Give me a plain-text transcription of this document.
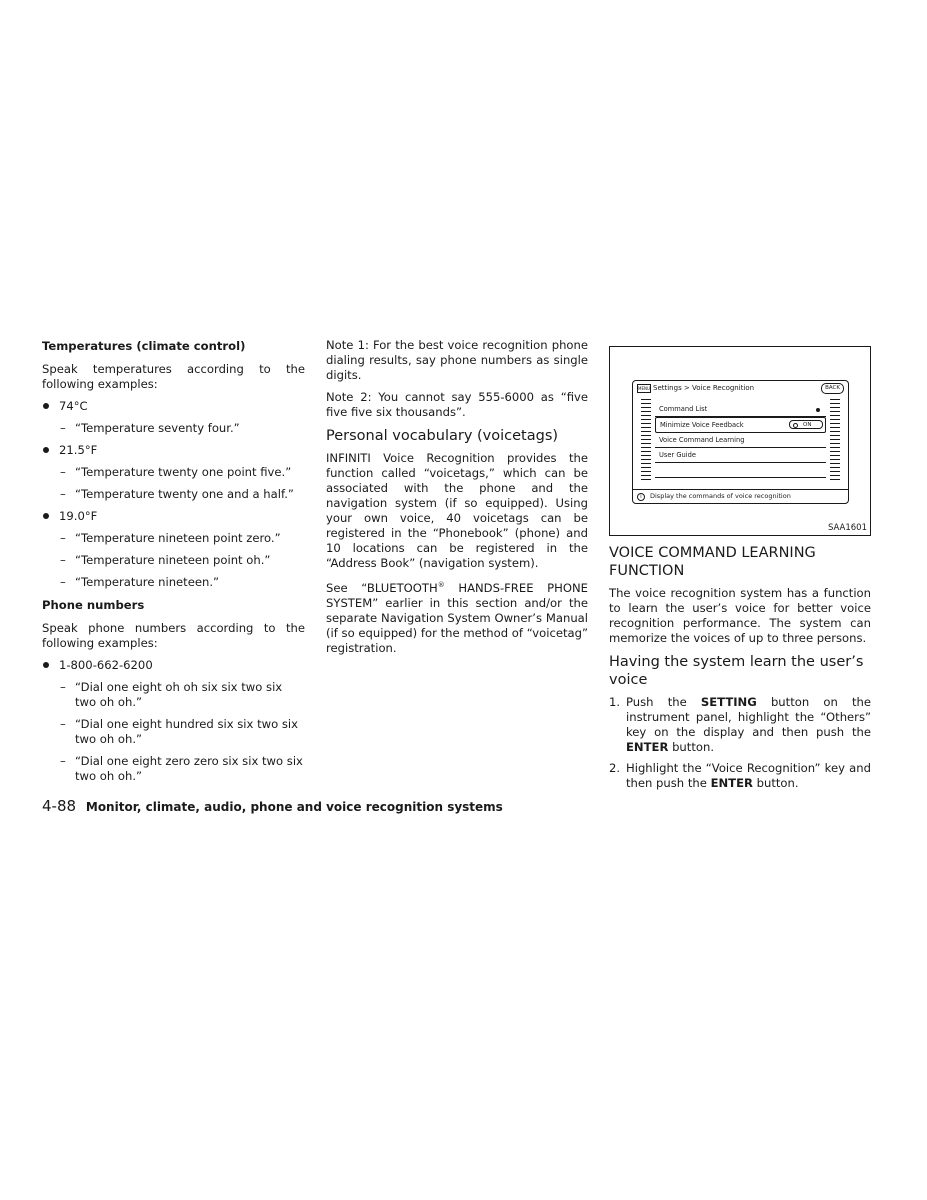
Temperatures (climate control)

Speak temperatures according to the following examples:

74°C
– “Temperature seventy four.”
21.5°F
– “Temperature twenty one point five.”
– “Temperature twenty one and a half.”
19.0°F
– “Temperature nineteen point zero.”
– “Temperature nineteen point oh.”
– “Temperature nineteen.”
Phone numbers

Speak phone numbers according to the following examples:

1-800-662-6200
– “Dial one eight oh oh six six two six two oh oh.”
– “Dial one eight hundred six six two six two oh oh.”
– “Dial one eight zero zero six six two six two oh oh.”

Note 1: For the best voice recognition phone dialing results, say phone numbers as single digits.

Note 2: You cannot say 555-6000 as “five five five six thousands”.

Personal vocabulary (voicetags)

INFINITI Voice Recognition provides the function called “voicetags,” which can be associated with the phone and the navigation system (if so equipped). Using your own voice, 40 voicetags can be registered in the “Phonebook” (phone) and 10 locations can be registered in the “Address Book” (navigation system).

See “BLUETOOTH® HANDS-FREE PHONE SYSTEM” earlier in this section and/or the separate Navigation System Owner’s Manual (if so equipped) for the method of “voicetag” registration.

MENU Settings > Voice Recognition	BACK
Command List
Minimize Voice Feedback	ON
Voice Command Learning
User Guide
i	Display the commands of voice recognition
SAA1601
VOICE COMMAND LEARNING FUNCTION

The voice recognition system has a function to learn the user’s voice for better voice recognition performance. The system can memorize the voices of up to three persons.

Having the system learn the user’s voice
1. Push the SETTING button on the instrument panel, highlight the “Others” key on the display and then push the ENTER button.
2. Highlight the “Voice Recognition” key and then push the ENTER button.
4-88 Monitor, climate, audio, phone and voice recognition systems
